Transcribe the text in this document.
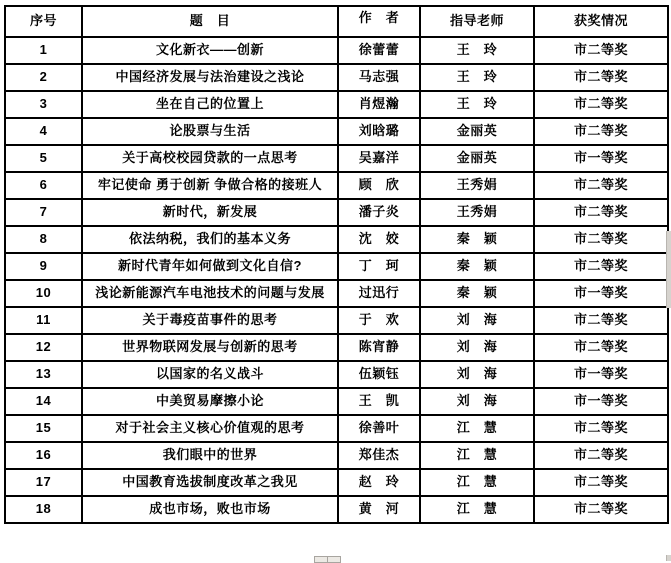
序号	题　目	作　者	指导老师	获奖情况
1	文化新衣——创新	徐蕾蕾	王　玲	市二等奖
2	中国经济发展与法治建设之浅论	马志强	王　玲	市二等奖
3	坐在自己的位置上	肖煜瀚	王　玲	市二等奖
4	论股票与生活	刘晗璐	金丽英	市二等奖
5	关于高校校园贷款的一点思考	吴嘉洋	金丽英	市一等奖
6	牢记使命 勇于创新 争做合格的接班人	顾　欣	王秀娟	市二等奖
7	新时代，新发展	潘子炎	王秀娟	市二等奖
8	依法纳税，我们的基本义务	沈　姣	秦　颖	市二等奖
9	新时代青年如何做到文化自信?	丁　珂	秦　颖	市二等奖
10	浅论新能源汽车电池技术的问题与发展	过迅行	秦　颖	市一等奖
11	关于毒疫苗事件的思考	于　欢	刘　海	市二等奖
12	世界物联网发展与创新的思考	陈宵静	刘　海	市二等奖
13	以国家的名义战斗	伍颖钰	刘　海	市一等奖
14	中美贸易摩擦小论	王　凯	刘　海	市一等奖
15	对于社会主义核心价值观的思考	徐善叶	江　慧	市二等奖
16	我们眼中的世界	郑佳杰	江　慧	市二等奖
17	中国教育选拔制度改革之我见	赵　玲	江　慧	市二等奖
18	成也市场，败也市场	黄　河	江　慧	市二等奖
